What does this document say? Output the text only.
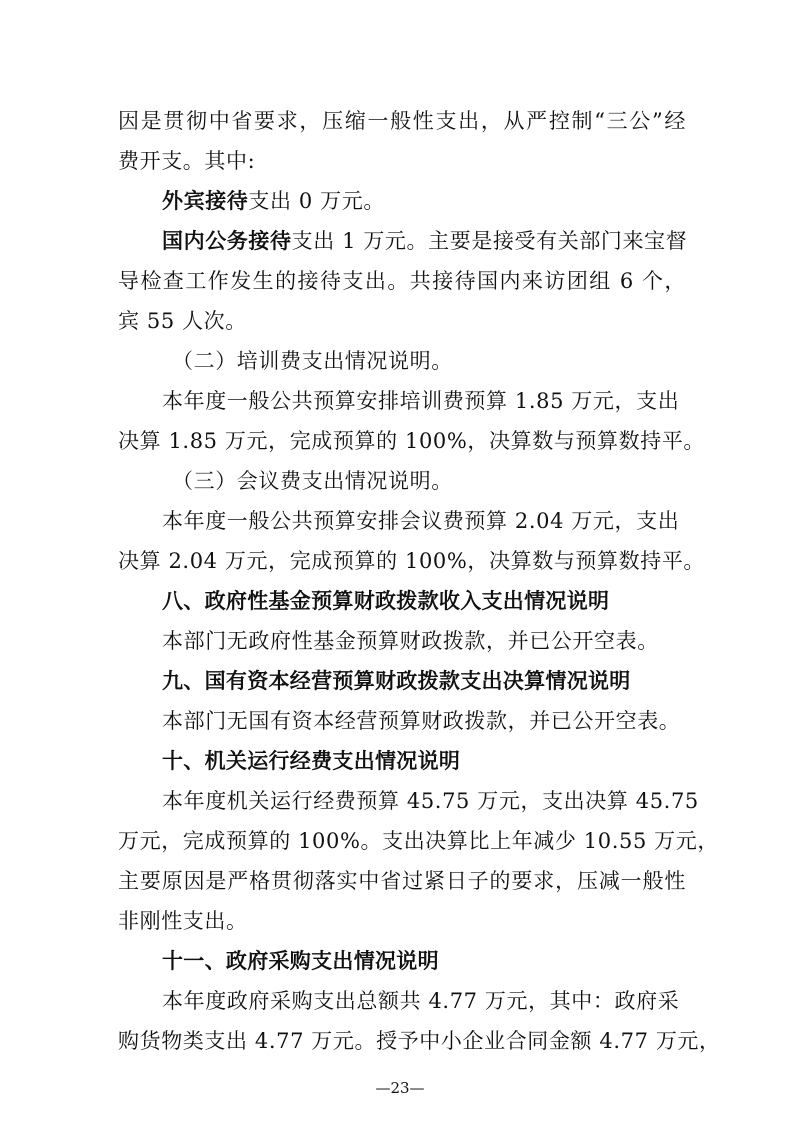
因是贯彻中省要求，压缩一般性支出，从严控制“三公”经
费开支。其中:
外宾接待支出 0 万元。
国内公务接待支出 1 万元。主要是接受有关部门来宝督
导检查工作发生的接待支出。共接待国内来访团组 6 个，
宾 55 人次。
（二）培训费支出情况说明。
本年度一般公共预算安排培训费预算 1.85 万元，支出
决算 1.85 万元，完成预算的 100%，决算数与预算数持平。
（三）会议费支出情况说明。
本年度一般公共预算安排会议费预算 2.04 万元，支出
决算 2.04 万元，完成预算的 100%，决算数与预算数持平。
八、政府性基金预算财政拨款收入支出情况说明
本部门无政府性基金预算财政拨款，并已公开空表。
九、国有资本经营预算财政拨款支出决算情况说明
本部门无国有资本经营预算财政拨款，并已公开空表。
十、机关运行经费支出情况说明
本年度机关运行经费预算 45.75 万元，支出决算 45.75
万元，完成预算的 100%。支出决算比上年减少 10.55 万元，
主要原因是严格贯彻落实中省过紧日子的要求，压减一般性
非刚性支出。
十一、政府采购支出情况说明
本年度政府采购支出总额共 4.77 万元，其中：政府采
购货物类支出 4.77 万元。授予中小企业合同金额 4.77 万元，
—23—
